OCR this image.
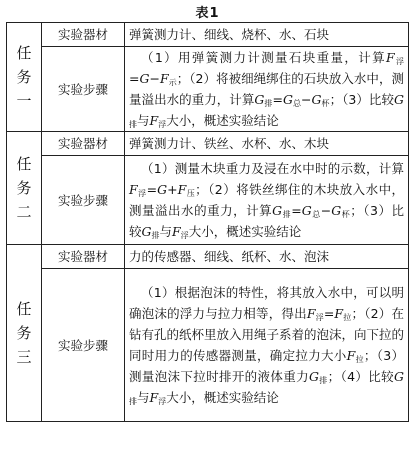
表1
任
务
一	实验器材	弹簧测力计、细线、烧杯、水、石块
	实验步骤	（1）用弹簧测力计测量石块重量，计算$F_浮=G-F_示$；（2）将被细绳绑住的石块放入水中，测量溢出水的重力，计算$G_排=G_总-G_杯$；（3）比较$G_排$与$F_浮$大小，概述实验结论

任
务
二	实验器材	弹簧测力计、铁丝、水杯、水、木块
	实验步骤	（1）测量木块重力及浸在水中时的示数，计算$F_浮=G+F_压$；（2）将铁丝绑住的木块放入水中，测量溢出水的重力，计算$G_排=G_总-G_杯$；（3）比较$G_排$与$F_浮$大小，概述实验结论

任
务
三	实验器材	力的传感器、细线、纸杯、水、泡沫
	实验步骤	（1）根据泡沫的特性，将其放入水中，可以明确泡沫的浮力与拉力相等，得出$F_浮=F_拉$；（2）在钻有孔的纸杯里放入用绳子系着的泡沫，向下拉的同时用力的传感器测量，确定拉力大小$F_拉$；（3）测量泡沫下拉时排开的液体重力$G_排$；（4）比较$G_排$与$F_浮$大小，概述实验结论
